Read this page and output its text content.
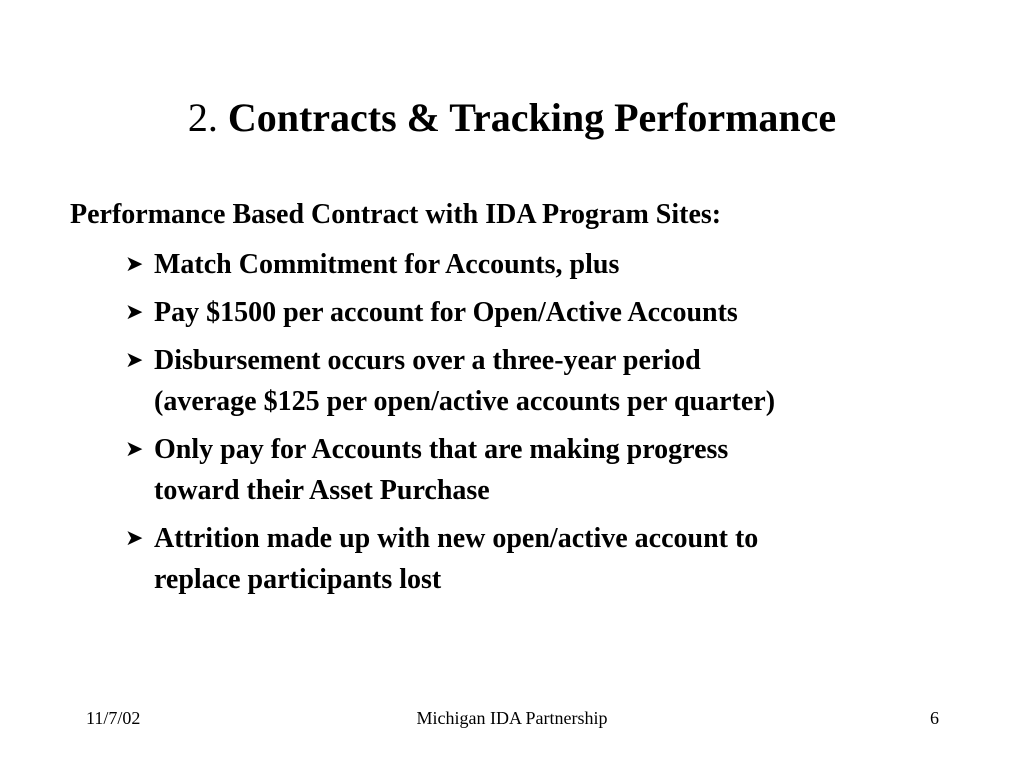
2. Contracts & Tracking Performance

Performance Based Contract with IDA Program Sites:

➤ Match Commitment for Accounts, plus
➤ Pay $1500 per account for Open/Active Accounts
➤ Disbursement occurs over a three-year period
(average $125 per open/active accounts per quarter)
➤ Only pay for Accounts that are making progress
toward their Asset Purchase
➤ Attrition made up with new open/active account to
replace participants lost
11/7/02	Michigan IDA Partnership	6
